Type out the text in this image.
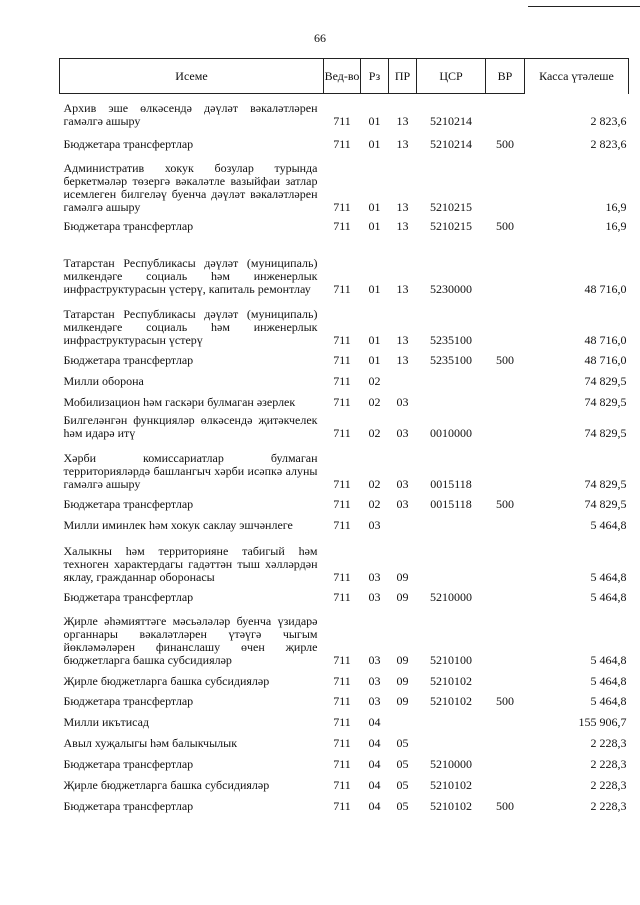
66
Исеме	Вед-во	Рз	ПР	ЦСР	ВР	Касса үтәлеше
Архив эше өлкәсендә дәүләт вәкаләтләрен гамәлгә ашыру	711	01	13	5210214		2 823,6
Бюджетара трансфертлар	711	01	13	5210214	500	2 823,6
Административ хокук бозулар турында беркетмәләр төзергә вәкаләтле вазыйфаи затлар исемлеген билгеләү буенча дәүләт вәкаләтләрен гамәлгә ашыру	711	01	13	5210215		16,9
Бюджетара трансфертлар	711	01	13	5210215	500	16,9
Татарстан Республикасы дәүләт (муниципаль) милкендәге социаль һәм инженерлык инфраструктурасын үстерү, капиталь ремонтлау	711	01	13	5230000		48 716,0
Татарстан Республикасы дәүләт (муниципаль) милкендәге социаль һәм инженерлык инфраструктурасын үстерү	711	01	13	5235100		48 716,0
Бюджетара трансфертлар	711	01	13	5235100	500	48 716,0
Милли оборона	711	02				74 829,5
Мобилизацион һәм гаскәри булмаган әзерлек	711	02	03			74 829,5
Билгеләнгән функцияләр өлкәсендә җитәкчелек һәм идарә итү	711	02	03	0010000		74 829,5
Хәрби комиссариатлар булмаган территорияләрдә башлангыч хәрби исәпкә алуны гамәлгә ашыру	711	02	03	0015118		74 829,5
Бюджетара трансфертлар	711	02	03	0015118	500	74 829,5
Милли иминлек һәм хокук саклау эшчәнлеге	711	03				5 464,8
Халыкны һәм территорияне табигый һәм техноген характердагы гадәттән тыш хәлләрдән яклау, гражданнар оборонасы	711	03	09			5 464,8
Бюджетара трансфертлар	711	03	09	5210000		5 464,8
Җирле әһәмияттәге мәсьәләләр буенча үзидарә органнары вәкаләтләрен үтәүгә чыгым йөкләмәләрен финанслашу өчен җирле бюджетларга башка субсидияләр	711	03	09	5210100		5 464,8
Җирле бюджетларга башка субсидияләр	711	03	09	5210102		5 464,8
Бюджетара трансфертлар	711	03	09	5210102	500	5 464,8
Милли икътисад	711	04				155 906,7
Авыл хуҗалыгы һәм балыкчылык	711	04	05			2 228,3
Бюджетара трансфертлар	711	04	05	5210000		2 228,3
Җирле бюджетларга башка субсидияләр	711	04	05	5210102		2 228,3
Бюджетара трансфертлар	711	04	05	5210102	500	2 228,3
